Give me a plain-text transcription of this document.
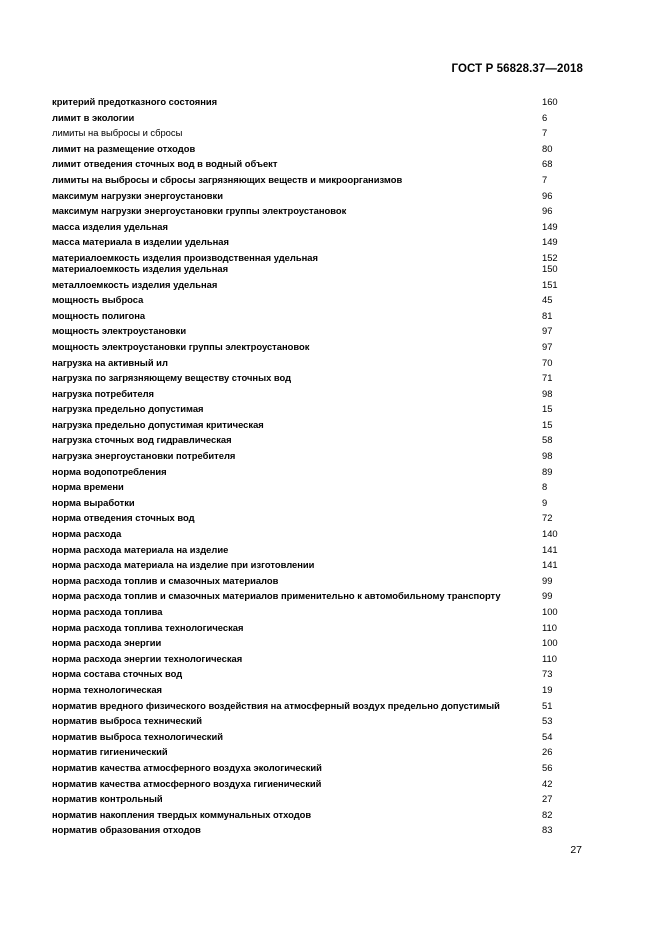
ГОСТ Р 56828.37—2018
критерий предотказного состояния	160
лимит в экологии	6
лимиты на выбросы и сбросы	7
лимит на размещение отходов	80
лимит отведения сточных вод в водный объект	68
лимиты на выбросы и сбросы загрязняющих веществ и микроорганизмов	7
максимум нагрузки энергоустановки	96
максимум нагрузки энергоустановки группы электроустановок	96
масса изделия удельная	149
масса материала в изделии удельная	149
материалоемкость изделия производственная удельная	152
материалоемкость изделия удельная	150
металлоемкость изделия удельная	151
мощность выброса	45
мощность полигона	81
мощность электроустановки	97
мощность электроустановки группы электроустановок	97
нагрузка на активный ил	70
нагрузка по загрязняющему веществу сточных вод	71
нагрузка потребителя	98
нагрузка предельно допустимая	15
нагрузка предельно допустимая критическая	15
нагрузка сточных вод гидравлическая	58
нагрузка энергоустановки потребителя	98
норма водопотребления	89
норма времени	8
норма выработки	9
норма отведения сточных вод	72
норма расхода	140
норма расхода материала на изделие	141
норма расхода материала на изделие при изготовлении	141
норма расхода топлив и смазочных материалов	99
норма расхода топлив и смазочных материалов применительно к автомобильному транспорту	99
норма расхода топлива	100
норма расхода топлива технологическая	110
норма расхода энергии	100
норма расхода энергии технологическая	110
норма состава сточных вод	73
норма технологическая	19
норматив вредного физического воздействия на атмосферный воздух предельно допустимый	51
норматив выброса технический	53
норматив выброса технологический	54
норматив гигиенический	26
норматив качества атмосферного воздуха экологический	56
норматив качества атмосферного воздуха гигиенический	42
норматив контрольный	27
норматив накопления твердых коммунальных отходов	82
норматив образования отходов	83
27
